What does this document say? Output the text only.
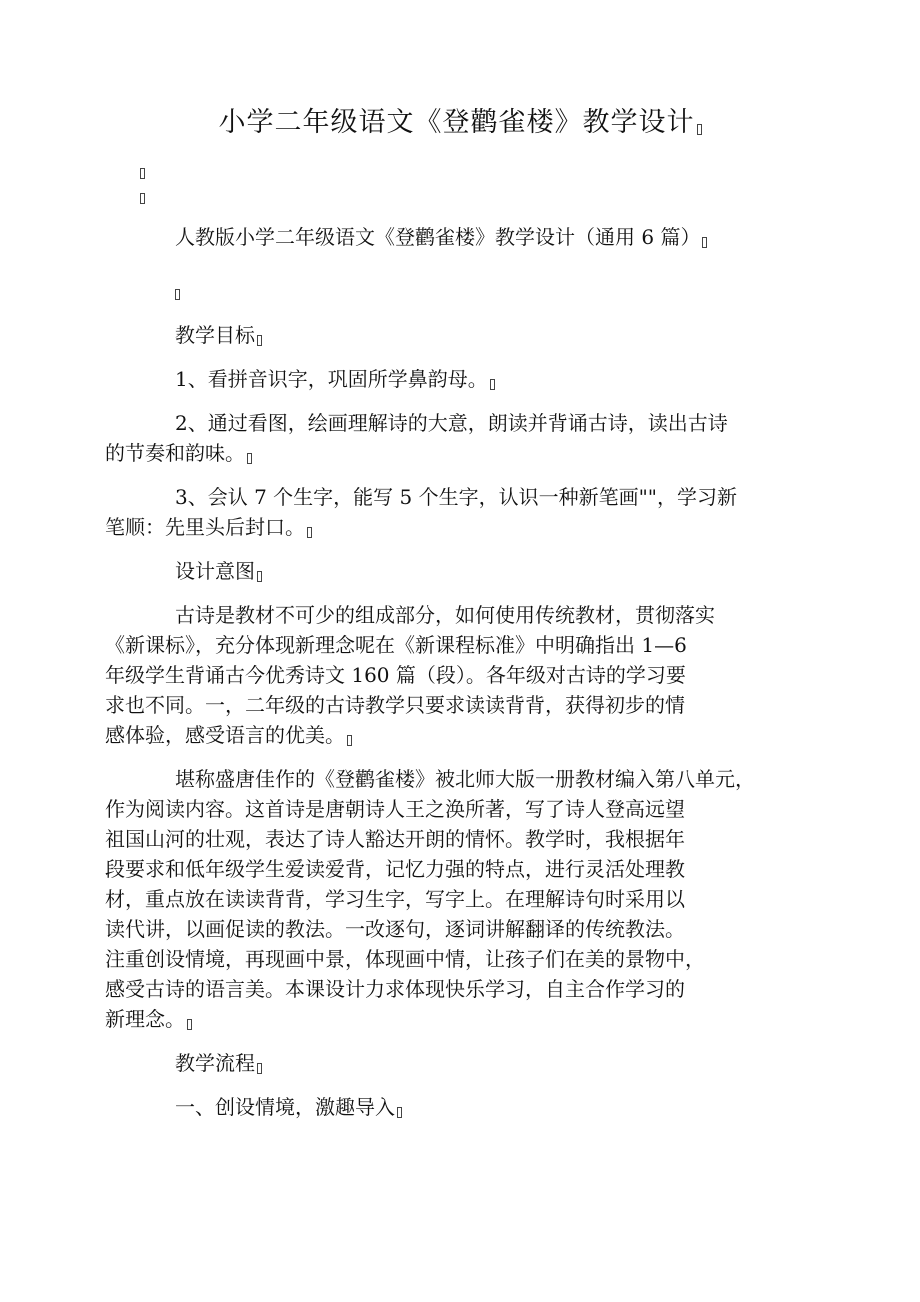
小学二年级语文《登鹳雀楼》教学设计
人教版小学二年级语文《登鹳雀楼》教学设计（通用 6 篇）
教学目标
1、看拼音识字，巩固所学鼻韵母。
2、通过看图，绘画理解诗的大意，朗读并背诵古诗，读出古诗
的节奏和韵味。
3、会认 7 个生字，能写 5 个生字，认识一种新笔画""，学习新
笔顺：先里头后封口。
设计意图
古诗是教材不可少的组成部分，如何使用传统教材，贯彻落实
《新课标》，充分体现新理念呢在《新课程标准》中明确指出 1—6
年级学生背诵古今优秀诗文 160 篇（段）。各年级对古诗的学习要
求也不同。一，二年级的古诗教学只要求读读背背，获得初步的情
感体验，感受语言的优美。
堪称盛唐佳作的《登鹳雀楼》被北师大版一册教材编入第八单元，
作为阅读内容。这首诗是唐朝诗人王之涣所著，写了诗人登高远望
祖国山河的壮观，表达了诗人豁达开朗的情怀。教学时，我根据年
段要求和低年级学生爱读爱背，记忆力强的特点，进行灵活处理教
材，重点放在读读背背，学习生字，写字上。在理解诗句时采用以
读代讲，以画促读的教法。一改逐句，逐词讲解翻译的传统教法。
注重创设情境，再现画中景，体现画中情，让孩子们在美的景物中，
感受古诗的语言美。本课设计力求体现快乐学习，自主合作学习的
新理念。
教学流程
一、创设情境，激趣导入
